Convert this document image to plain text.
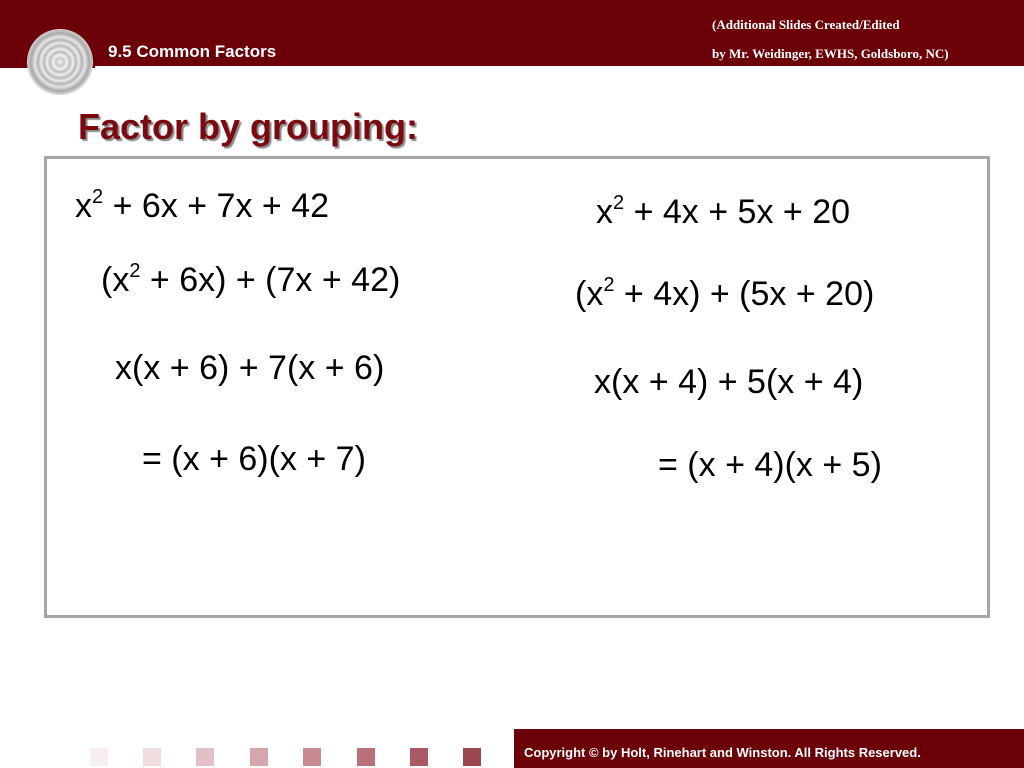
9.5 Common Factors
(Additional Slides Created/Edited
by Mr. Weidinger, EWHS, Goldsboro, NC)
Factor by grouping:
$x^2 + 6x + 7x + 42$
$(x^2 + 6x) + (7x + 42)$
x(x + 6) + 7(x + 6)
= (x + 6)(x + 7)
$x^2 + 4x + 5x + 20$
$(x^2 + 4x) + (5x + 20)$
x(x + 4) + 5(x + 4)
= (x + 4)(x + 5)
Copyright © by Holt, Rinehart and Winston. All Rights Reserved.
